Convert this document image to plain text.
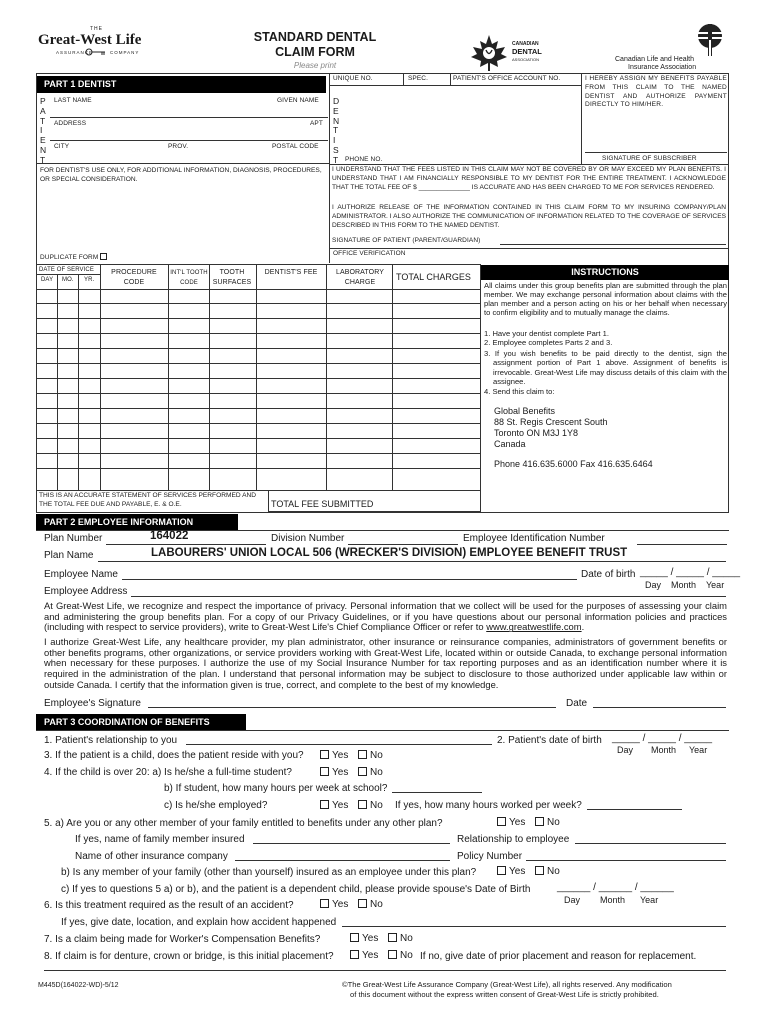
THE
Great-West Life
ASSURANCE	COMPANY
STANDARD DENTAL
CLAIM FORM
Please print
CANADIAN
DENTAL
ASSOCIATION	Canadian Life and Health
Insurance Association
PART 1 DENTIST
P
A
T
I
E
N
T
LAST NAME	GIVEN NAME
ADDRESS	APT
CITY	PROV.	POSTAL CODE
D
E
N
T
I
S
T
UNIQUE NO.	SPEC.	PATIENT'S OFFICE ACCOUNT NO.
PHONE NO.
I HEREBY ASSIGN MY BENEFITS PAYABLE FROM THIS CLAIM TO THE NAMED DENTIST AND AUTHORIZE PAYMENT DIRECTLY TO HIM/HER.
SIGNATURE OF SUBSCRIBER
FOR DENTIST'S USE ONLY, FOR ADDITIONAL INFORMATION, DIAGNOSIS, PROCEDURES, OR SPECIAL CONSIDERATION.
I UNDERSTAND THAT THE FEES LISTED IN THIS CLAIM MAY NOT BE COVERED BY OR MAY EXCEED MY PLAN BENEFITS. I UNDERSTAND THAT I AM FINANCIALLY RESPONSIBLE TO MY DENTIST FOR THE ENTIRE TREATMENT. I ACKNOWLEDGE THAT THE TOTAL FEE OF $ ______________ IS ACCURATE AND HAS BEEN CHARGED TO ME FOR SERVICES RENDERED.
I AUTHORIZE RELEASE OF THE INFORMATION CONTAINED IN THIS CLAIM FORM TO MY INSURING COMPANY/PLAN ADMINISTRATOR. I ALSO AUTHORIZE THE COMMUNICATION OF INFORMATION RELATED TO THE COVERAGE OF SERVICES DESCRIBED IN THIS FORM TO THE NAMED DENTIST.
SIGNATURE OF PATIENT (PARENT/GUARDIAN)
OFFICE VERIFICATION
DUPLICATE FORM
DATE OF SERVICE
DAY MO. YR.
PROCEDURE CODE
INT'L TOOTH CODE
TOOTH SURFACES
DENTIST'S FEE	LABORATORY CHARGE
TOTAL CHARGES
THIS IS AN ACCURATE STATEMENT OF SERVICES PERFORMED AND THE TOTAL FEE DUE AND PAYABLE, E. & O.E.	TOTAL FEE SUBMITTED
INSTRUCTIONS
All claims under this group benefits plan are submitted through the plan member. We may exchange personal information about claims with the plan member and a person acting on his or her behalf when necessary to confirm eligibility and to mutually manage the claims.
1. Have your dentist complete Part 1.
2. Employee completes Parts 2 and 3.
3. If you wish benefits to be paid directly to the dentist, sign the assignment portion of Part 1 above. Assignment of benefits is irrevocable. Great-West Life may discuss details of this claim with the assignee.
4. Send this claim to:
Global Benefits
88 St. Regis Crescent South
Toronto ON M3J 1Y8
Canada
Phone 416.635.6000 Fax 416.635.6464
PART 2 EMPLOYEE INFORMATION
Plan Number	164022	Division Number	Employee Identification Number
Plan Name	LABOURERS' UNION LOCAL 506 (WRECKER'S DIVISION) EMPLOYEE BENEFIT TRUST
Employee Name	Date of birth _____ / _____ / _____
Day Month Year
Employee Address
At Great-West Life, we recognize and respect the importance of privacy. Personal information that we collect will be used for the purposes of assessing your claim and administering the group benefits plan. For a copy of our Privacy Guidelines, or if you have questions about our personal information policies and practices (including with respect to service providers), write to Great-West Life's Chief Compliance Officer or refer to www.greatwestlife.com.
I authorize Great-West Life, any healthcare provider, my plan administrator, other insurance or reinsurance companies, administrators of government benefits or other benefits programs, other organizations, or service providers working with Great-West Life, located within or outside Canada, to exchange personal information when necessary for these purposes. I authorize the use of my Social Insurance Number for tax reporting purposes and as an identification number where it is required in the administration of the plan. I understand that personal information may be subject to disclosure to those authorized under applicable law within or outside Canada. I certify that the information given is true, correct, and complete to the best of my knowledge.
Employee's Signature	Date
PART 3 COORDINATION OF BENEFITS
1. Patient's relationship to you	2. Patient's date of birth _____ / _____ / _____
Day Month Year
3. If the patient is a child, does the patient reside with you?	Yes	No
4. If the child is over 20: a) Is he/she a full-time student?	Yes	No
b) If student, how many hours per week at school?
c) Is he/she employed?	Yes	No If yes, how many hours worked per week?
5. a) Are you or any other member of your family entitled to benefits under any other plan?	Yes	No
If yes, name of family member insured	Relationship to employee
Name of other insurance company	Policy Number
b) Is any member of your family (other than yourself) insured as an employee under this plan?	Yes	No
c) If yes to questions 5 a) or b), and the patient is a dependent child, please provide spouse's Date of Birth	______ / ______ / ______
Day Month Year
6. Is this treatment required as the result of an accident?	Yes	No
If yes, give date, location, and explain how accident happened
7. Is a claim being made for Worker's Compensation Benefits?	Yes	No
8. If claim is for denture, crown or bridge, is this initial placement?	Yes	No If no, give date of prior placement and reason for replacement.
M445D(164022-WD)-5/12	©The Great-West Life Assurance Company (Great-West Life), all rights reserved. Any modification
of this document without the express written consent of Great-West Life is strictly prohibited.
